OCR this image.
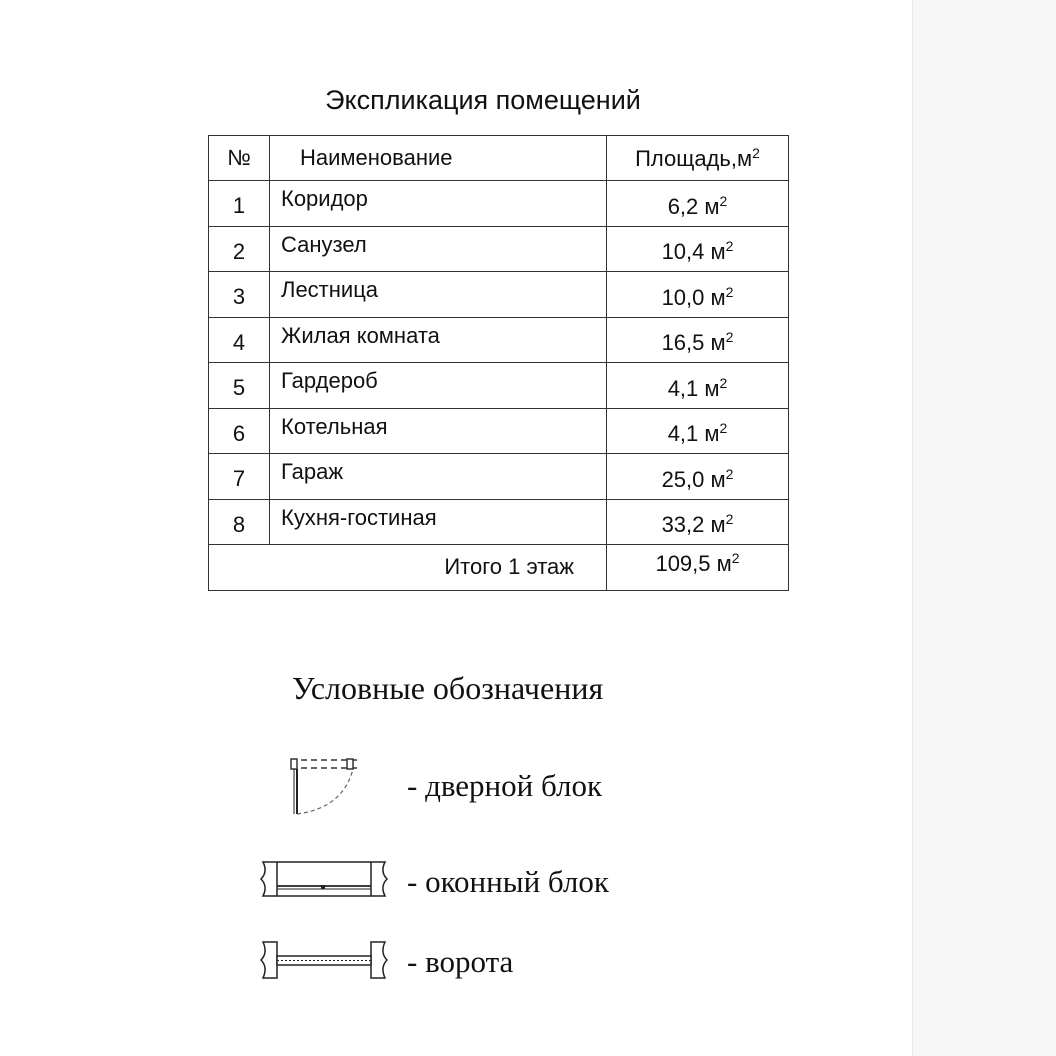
Экспликация помещений
№	Наименование	$Площадь,м^2$
1	Коридор	6,2 $м^2$
2	Санузел	10,4 $м^2$
3	Лестница	10,0 $м^2$
4	Жилая комната	16,5 $м^2$
5	Гардероб	4,1 $м^2$
6	Котельная	4,1 $м^2$
7	Гараж	25,0 $м^2$
8	Кухня-гостиная	33,2 $м^2$
Итого 1 этаж		109,5 $м^2$
Условные обозначения
- дверной блок
- оконный блок
- ворота
